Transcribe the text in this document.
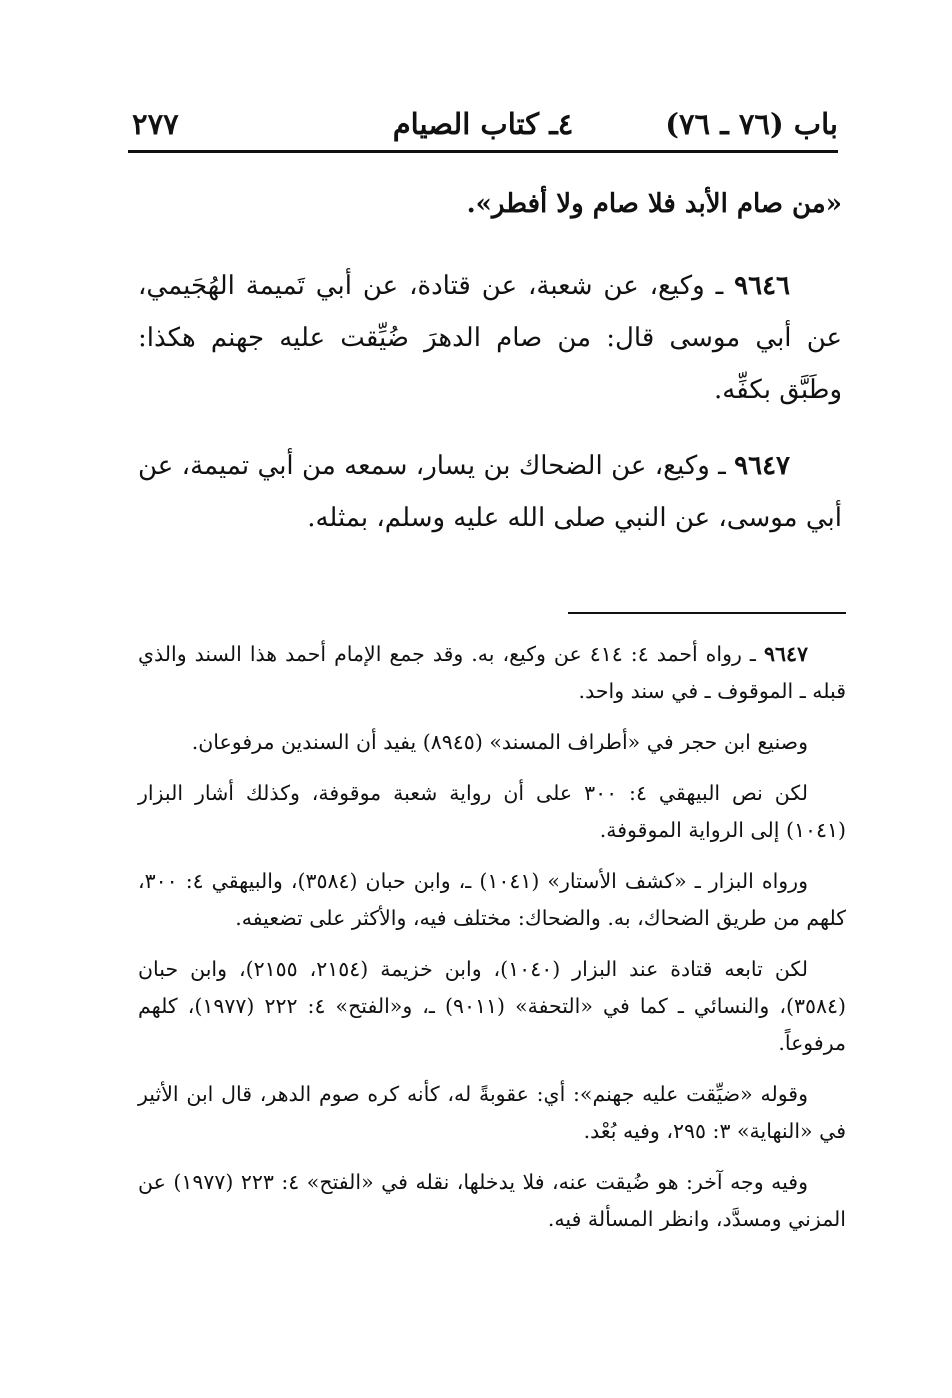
باب (٧٦ ـ ٧٦)
٤ـ كتاب الصيام
٢٧٧

«من صام الأبد فلا صام ولا أفطر».

٩٦٤٦ ـ وكيع، عن شعبة، عن قتادة، عن أبي تَميمة الهُجَيمي، عن أبي موسى قال: من صام الدهرَ ضُيِّقت عليه جهنم هكذا: وطَبَّق بكفِّه.

٩٦٤٧ ـ وكيع، عن الضحاك بن يسار، سمعه من أبي تميمة، عن أبي موسى، عن النبي صلى الله عليه وسلم، بمثله.

٩٦٤٧ ـ رواه أحمد ٤: ٤١٤ عن وكيع، به. وقد جمع الإمام أحمد هذا السند والذي قبله ـ الموقوف ـ في سند واحد.

وصنيع ابن حجر في «أطراف المسند» (٨٩٤٥) يفيد أن السندين مرفوعان.

لكن نص البيهقي ٤: ٣٠٠ على أن رواية شعبة موقوفة، وكذلك أشار البزار (١٠٤١) إلى الرواية الموقوفة.

ورواه البزار ـ «كشف الأستار» (١٠٤١) ـ، وابن حبان (٣٥٨٤)، والبيهقي ٤: ٣٠٠، كلهم من طريق الضحاك، به. والضحاك: مختلف فيه، والأكثر على تضعيفه.

لكن تابعه قتادة عند البزار (١٠٤٠)، وابن خزيمة (٢١٥٤، ٢١٥٥)، وابن حبان (٣٥٨٤)، والنسائي ـ كما في «التحفة» (٩٠١١) ـ، و«الفتح» ٤: ٢٢٢ (١٩٧٧)، كلهم مرفوعاً.

وقوله «ضيِّقت عليه جهنم»: أي: عقوبةً له، كأنه كره صوم الدهر، قال ابن الأثير في «النهاية» ٣: ٢٩٥، وفيه بُعْد.

وفيه وجه آخر: هو ضُيقت عنه، فلا يدخلها، نقله في «الفتح» ٤: ٢٢٣ (١٩٧٧) عن المزني ومسدَّد، وانظر المسألة فيه.
